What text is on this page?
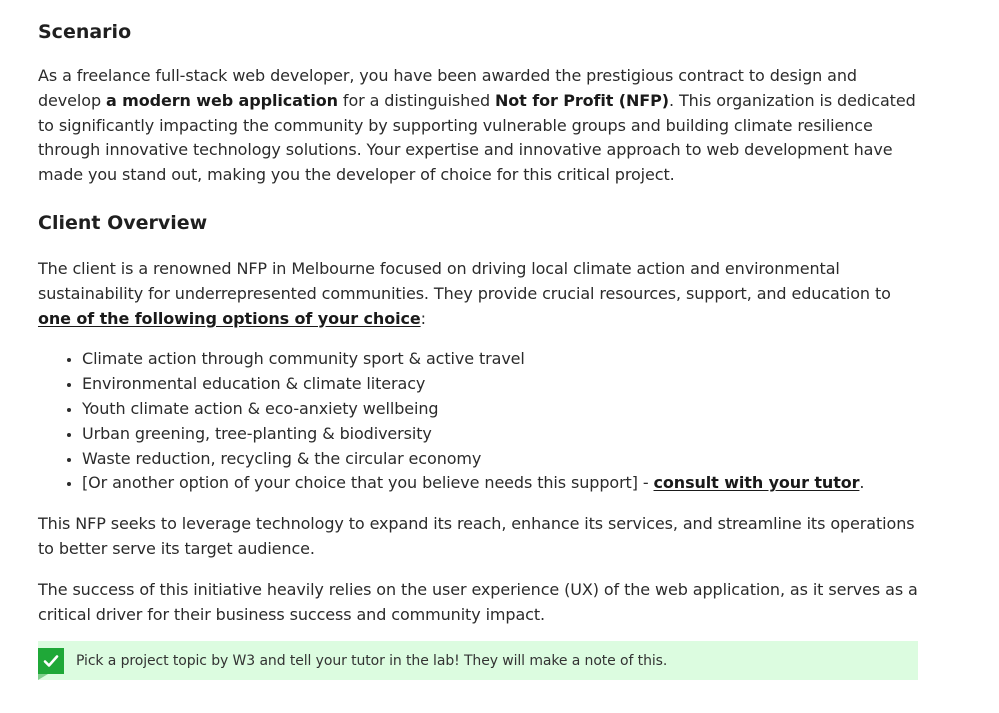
Scenario

As a freelance full-stack web developer, you have been awarded the prestigious contract to design and develop a modern web application for a distinguished Not for Profit (NFP). This organization is dedicated to significantly impacting the community by supporting vulnerable groups and building climate resilience through innovative technology solutions. Your expertise and innovative approach to web development have made you stand out, making you the developer of choice for this critical project.

Client Overview

The client is a renowned NFP in Melbourne focused on driving local climate action and environmental sustainability for underrepresented communities. They provide crucial resources, support, and education to one of the following options of your choice:

• Climate action through community sport & active travel
• Environmental education & climate literacy
• Youth climate action & eco-anxiety wellbeing
• Urban greening, tree-planting & biodiversity
• Waste reduction, recycling & the circular economy
• [Or another option of your choice that you believe needs this support] - consult with your tutor.

This NFP seeks to leverage technology to expand its reach, enhance its services, and streamline its operations to better serve its target audience.

The success of this initiative heavily relies on the user experience (UX) of the web application, as it serves as a critical driver for their business success and community impact.

Pick a project topic by W3 and tell your tutor in the lab! They will make a note of this.
